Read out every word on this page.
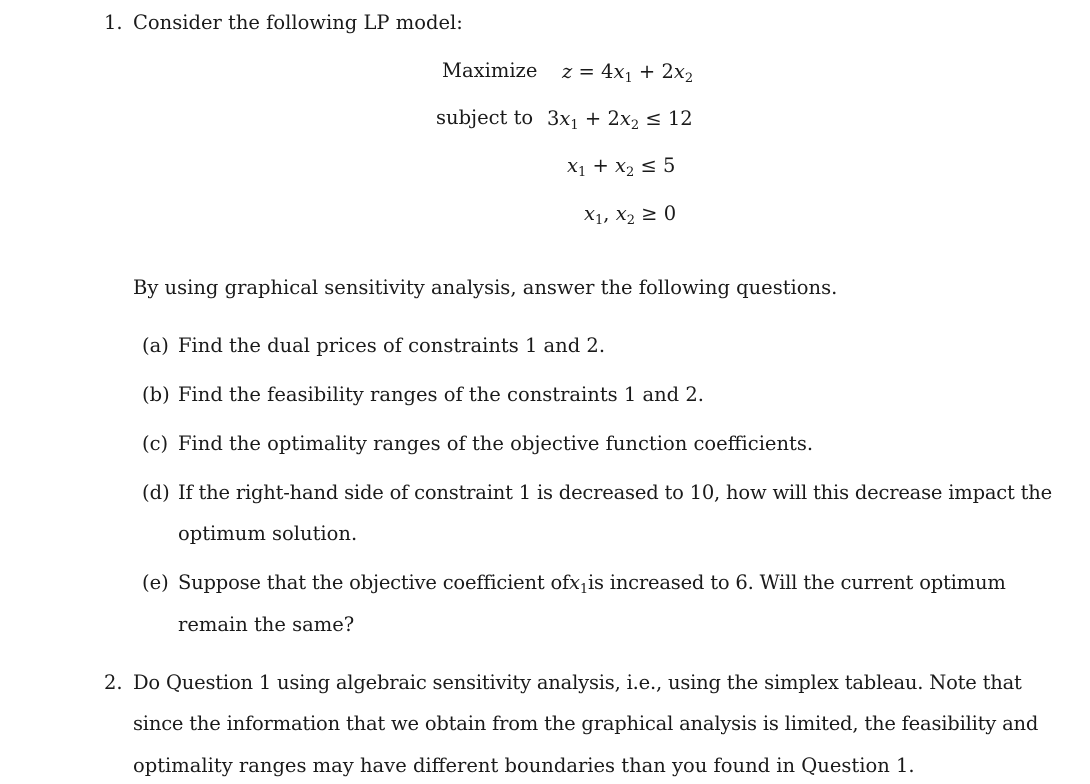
1. Consider the following LP model:
Maximize $z = 4x_1 + 2x_2$
subject to $3x_1 + 2x_2 \le 12$
$x_1 + x_2 \le 5$
$x_1$, $x_2 \ge 0$
By using graphical sensitivity analysis, answer the following questions.
(a) Find the dual prices of constraints 1 and 2.
(b) Find the feasibility ranges of the constraints 1 and 2.
(c) Find the optimality ranges of the objective function coefficients.
(d) If the right-hand side of constraint 1 is decreased to 10, how will this decrease impact the
optimum solution.
(e) Suppose that the objective coefficient of $x_1$ is increased to 6. Will the current optimum
remain the same?
2. Do Question 1 using algebraic sensitivity analysis, i.e., using the simplex tableau. Note that
since the information that we obtain from the graphical analysis is limited, the feasibility and
optimality ranges may have different boundaries than you found in Question 1.
